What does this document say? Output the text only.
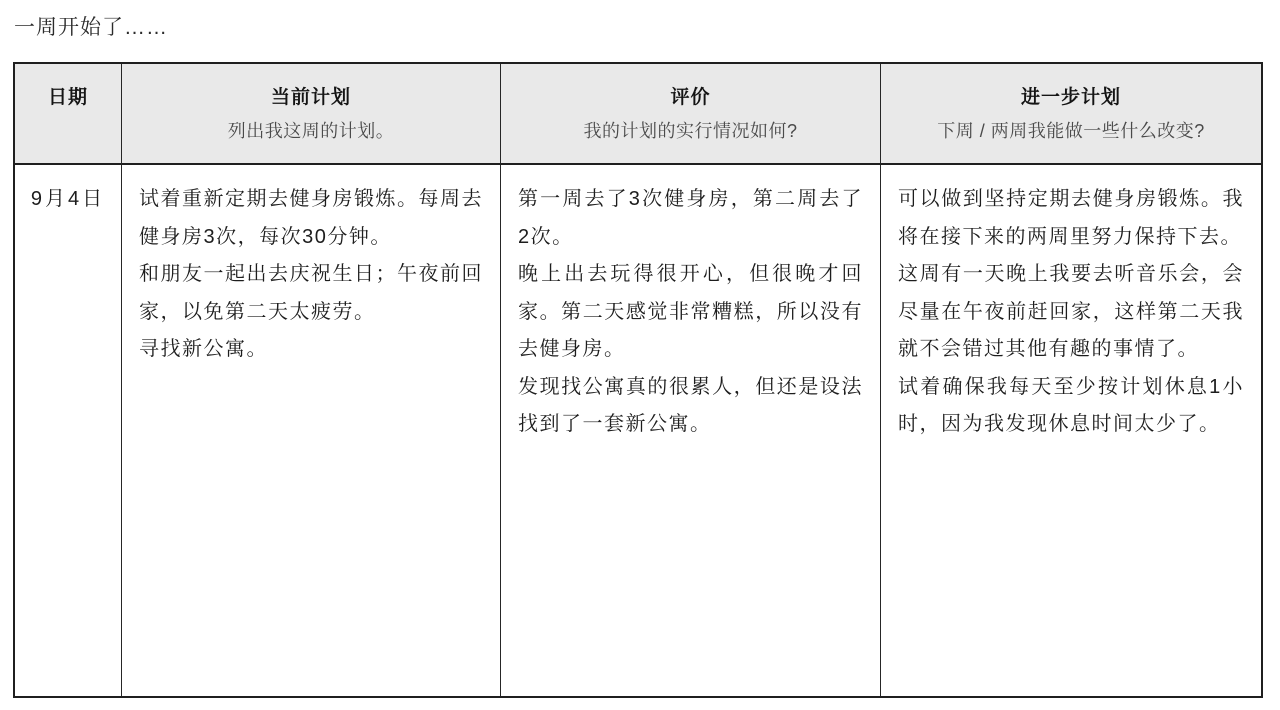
一周开始了……
日期	当前计划
列出我这周的计划。
评价
我的计划的实行情况如何?
进一步计划
下周 / 两周我能做一些什么改变?
9月4日	试着重新定期去健身房锻炼。每周去健身房3次，每次30分钟。

和朋友一起出去庆祝生日；午夜前回家，以免第二天太疲劳。

寻找新公寓。

第一周去了3次健身房，第二周去了2次。

晚上出去玩得很开心，但很晚才回家。第二天感觉非常糟糕，所以没有去健身房。

发现找公寓真的很累人，但还是设法找到了一套新公寓。

可以做到坚持定期去健身房锻炼。我将在接下来的两周里努力保持下去。

这周有一天晚上我要去听音乐会，会尽量在午夜前赶回家，这样第二天我就不会错过其他有趣的事情了。

试着确保我每天至少按计划休息1小时，因为我发现休息时间太少了。
